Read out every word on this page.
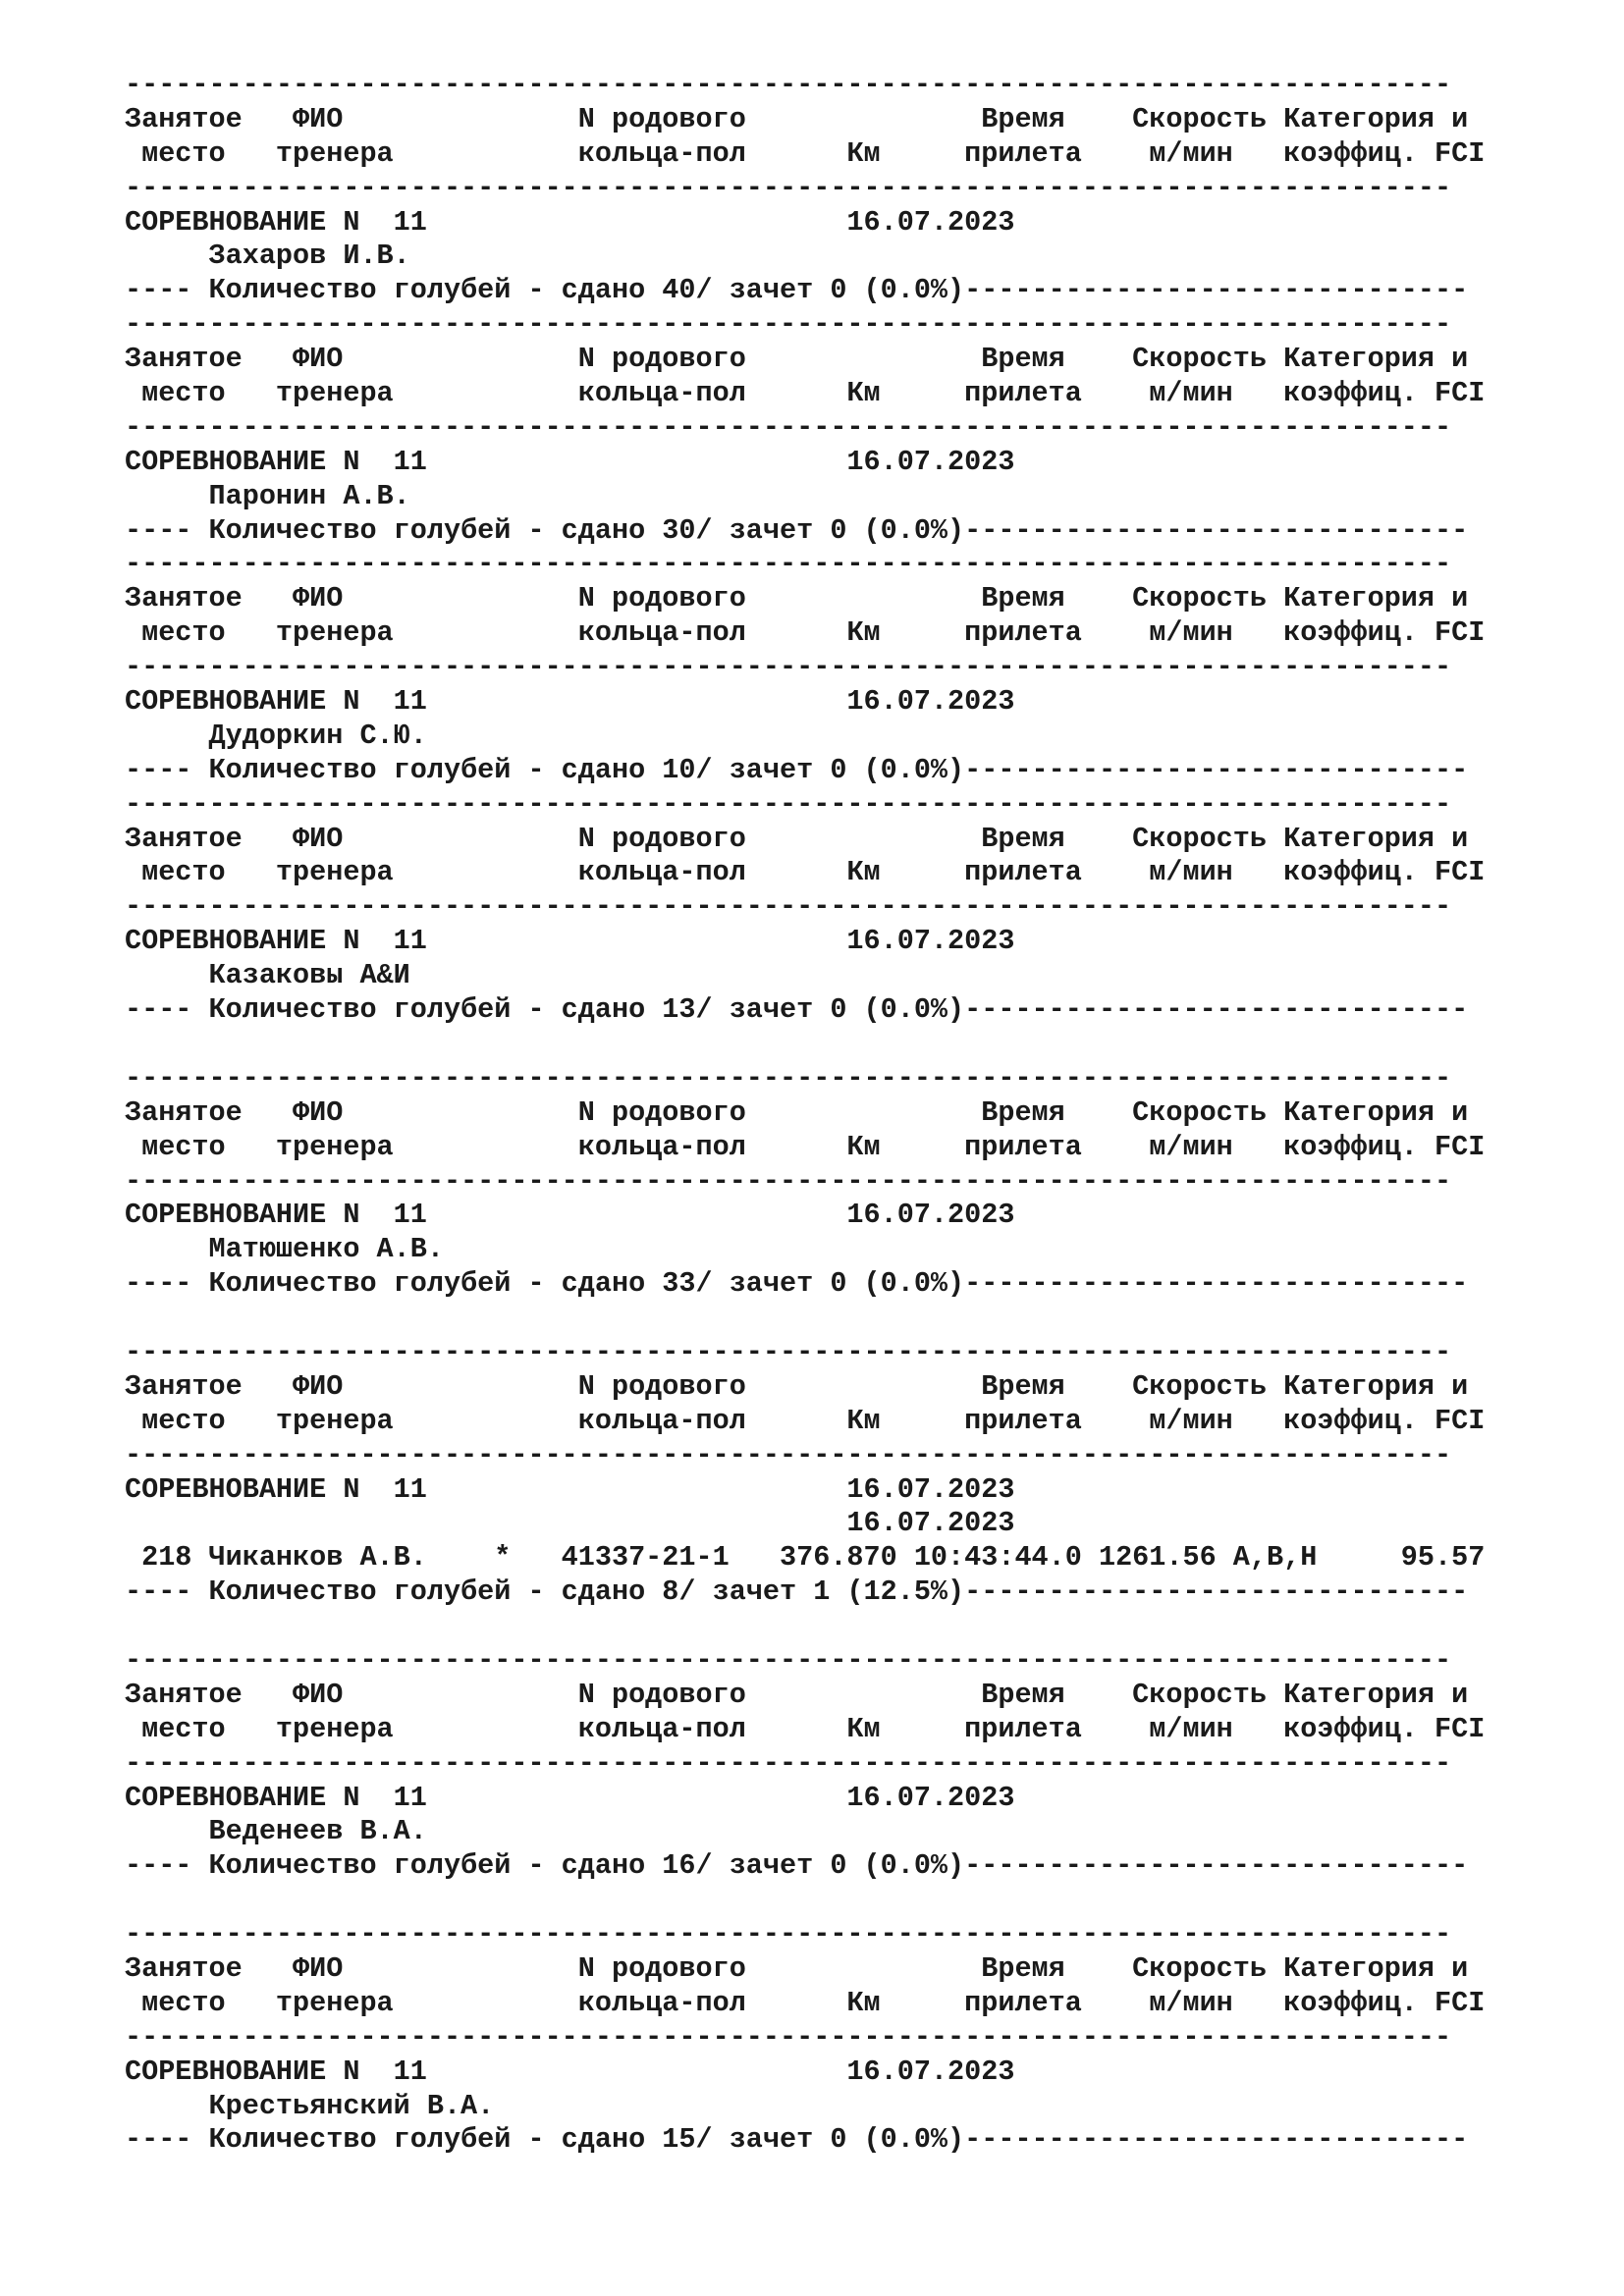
-------------------------------------------------------------------------------
Занятое   ФИО              N родового              Время    Скорость Категория и
место   тренера           кольца-пол      Км     прилета    м/мин   коэффиц. FCI
-------------------------------------------------------------------------------
СОРЕВНОВАНИЕ N  11                         16.07.2023
Захаров И.В.
---- Количество голубей - сдано 40/ зачет 0 (0.0%)------------------------------
-------------------------------------------------------------------------------
Занятое   ФИО              N родового              Время    Скорость Категория и
место   тренера           кольца-пол      Км     прилета    м/мин   коэффиц. FCI
-------------------------------------------------------------------------------
СОРЕВНОВАНИЕ N  11                         16.07.2023
Паронин А.В.
---- Количество голубей - сдано 30/ зачет 0 (0.0%)------------------------------
-------------------------------------------------------------------------------
Занятое   ФИО              N родового              Время    Скорость Категория и
место   тренера           кольца-пол      Км     прилета    м/мин   коэффиц. FCI
-------------------------------------------------------------------------------
СОРЕВНОВАНИЕ N  11                         16.07.2023
Дудоркин С.Ю.
---- Количество голубей - сдано 10/ зачет 0 (0.0%)------------------------------
-------------------------------------------------------------------------------
Занятое   ФИО              N родового              Время    Скорость Категория и
место   тренера           кольца-пол      Км     прилета    м/мин   коэффиц. FCI
-------------------------------------------------------------------------------
СОРЕВНОВАНИЕ N  11                         16.07.2023
Казаковы А&И
---- Количество голубей - сдано 13/ зачет 0 (0.0%)------------------------------
-------------------------------------------------------------------------------
Занятое   ФИО              N родового              Время    Скорость Категория и
место   тренера           кольца-пол      Км     прилета    м/мин   коэффиц. FCI
-------------------------------------------------------------------------------
СОРЕВНОВАНИЕ N  11                         16.07.2023
Матюшенко А.В.
---- Количество голубей - сдано 33/ зачет 0 (0.0%)------------------------------
-------------------------------------------------------------------------------
Занятое   ФИО              N родового              Время    Скорость Категория и
место   тренера           кольца-пол      Км     прилета    м/мин   коэффиц. FCI
-------------------------------------------------------------------------------
СОРЕВНОВАНИЕ N  11                         16.07.2023
16.07.2023
218 Чиканков А.В.    *   41337-21-1   376.870 10:43:44.0 1261.56 A,B,H     95.57
---- Количество голубей - сдано 8/ зачет 1 (12.5%)------------------------------
-------------------------------------------------------------------------------
Занятое   ФИО              N родового              Время    Скорость Категория и
место   тренера           кольца-пол      Км     прилета    м/мин   коэффиц. FCI
-------------------------------------------------------------------------------
СОРЕВНОВАНИЕ N  11                         16.07.2023
Веденеев В.А.
---- Количество голубей - сдано 16/ зачет 0 (0.0%)------------------------------
-------------------------------------------------------------------------------
Занятое   ФИО              N родового              Время    Скорость Категория и
место   тренера           кольца-пол      Км     прилета    м/мин   коэффиц. FCI
-------------------------------------------------------------------------------
СОРЕВНОВАНИЕ N  11                         16.07.2023
Крестьянский В.А.
---- Количество голубей - сдано 15/ зачет 0 (0.0%)------------------------------
